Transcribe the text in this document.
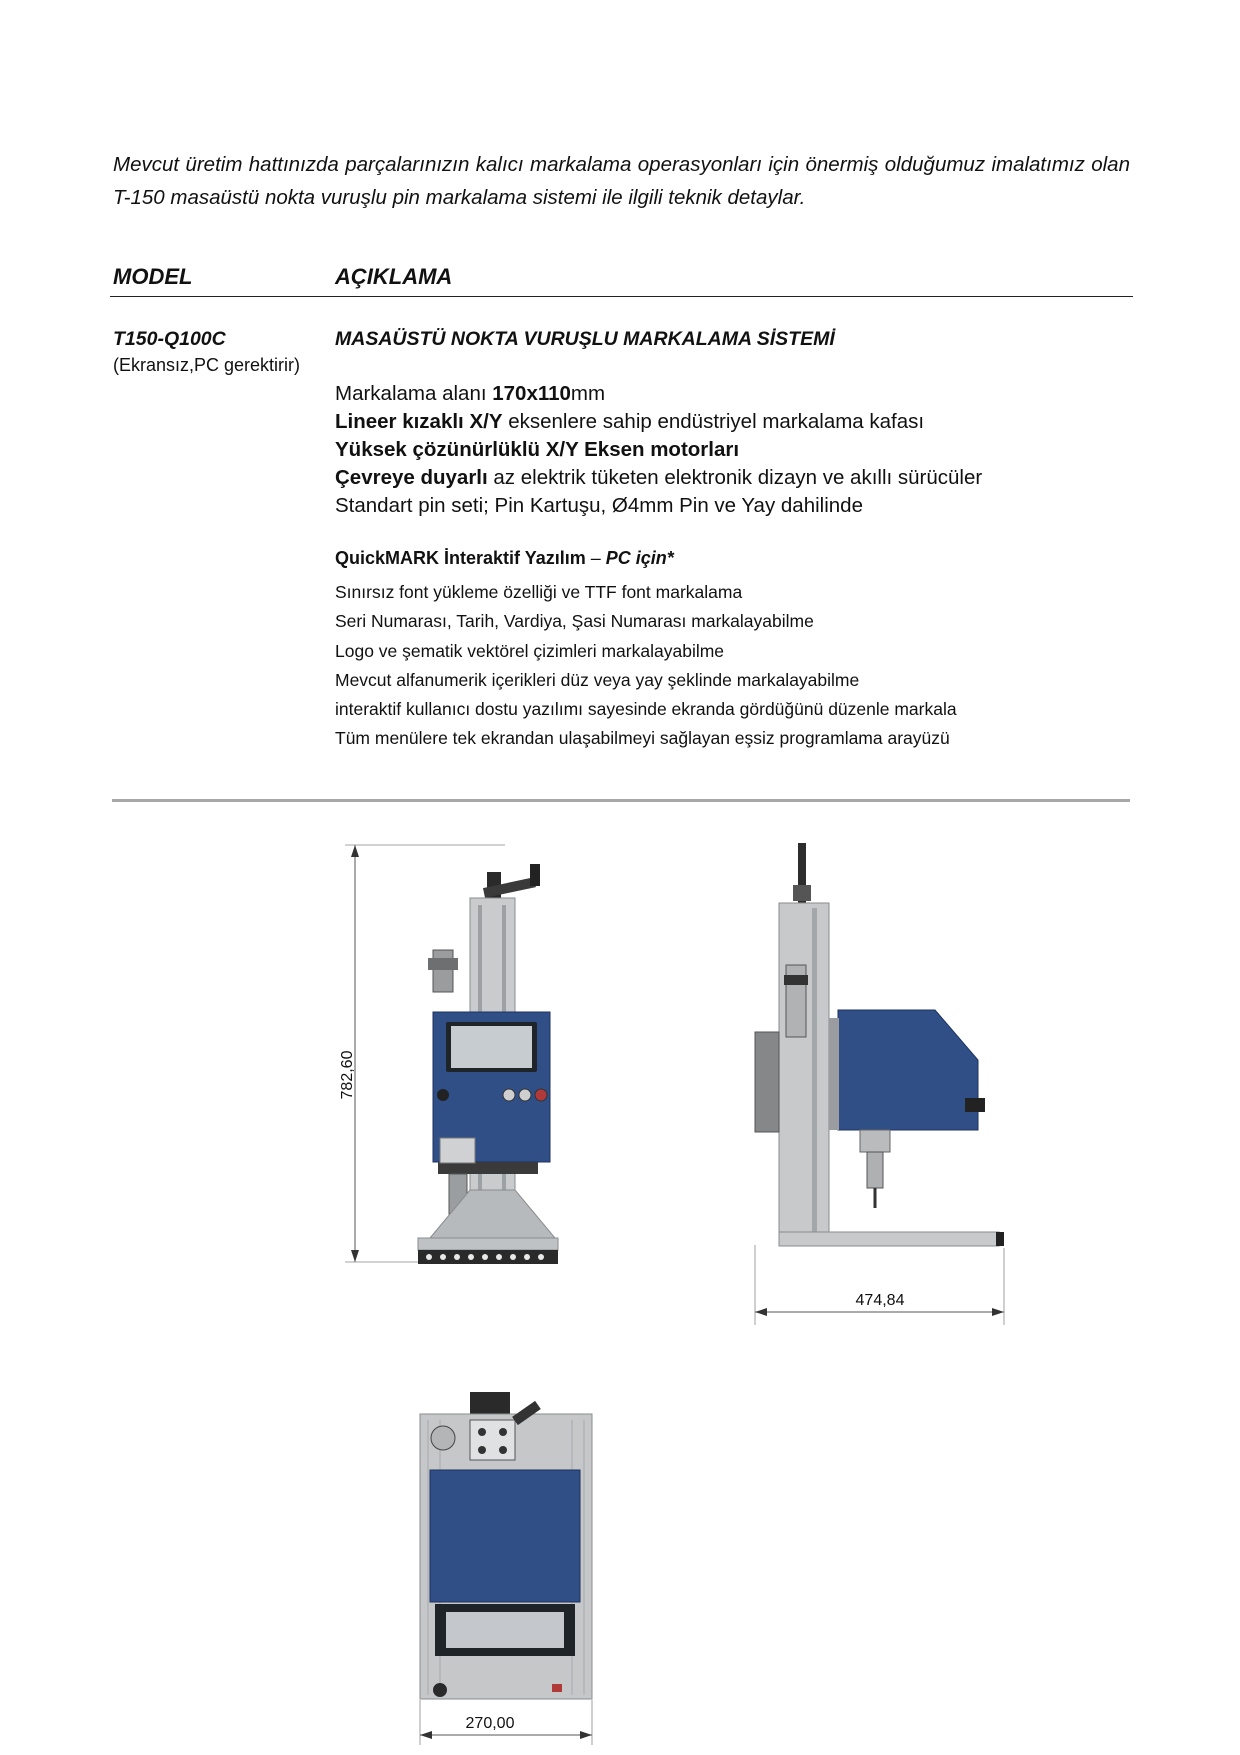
Mevcut üretim hattınızda parçalarınızın kalıcı markalama operasyonları için önermiş olduğumuz imalatımız olan T-150 masaüstü nokta vuruşlu pin markalama sistemi ile ilgili teknik detaylar.

MODEL	AÇIKLAMA
T150-Q100C
(Ekransız,PC gerektirir)
MASAÜSTÜ NOKTA VURUŞLU MARKALAMA SİSTEMİ
Markalama alanı 170x110mm
Lineer kızaklı X/Y eksenlere sahip endüstriyel markalama kafası
Yüksek çözünürlüklü X/Y Eksen motorları
Çevreye duyarlı az elektrik tüketen elektronik dizayn ve akıllı sürücüler
Standart pin seti; Pin Kartuşu, Ø4mm Pin ve Yay dahilinde
QuickMARK İnteraktif Yazılım – PC için*
Sınırsız font yükleme özelliği ve TTF font markalama
Seri Numarası, Tarih, Vardiya, Şasi Numarası markalayabilme
Logo ve şematik vektörel çizimleri markalayabilme
Mevcut alfanumerik içerikleri düz veya yay şeklinde markalayabilme
interaktif kullanıcı dostu yazılımı sayesinde ekranda gördüğünü düzenle markala
Tüm menülere tek ekrandan ulaşabilmeyi sağlayan eşsiz programlama arayüzü
782,60
474,84
270,00
